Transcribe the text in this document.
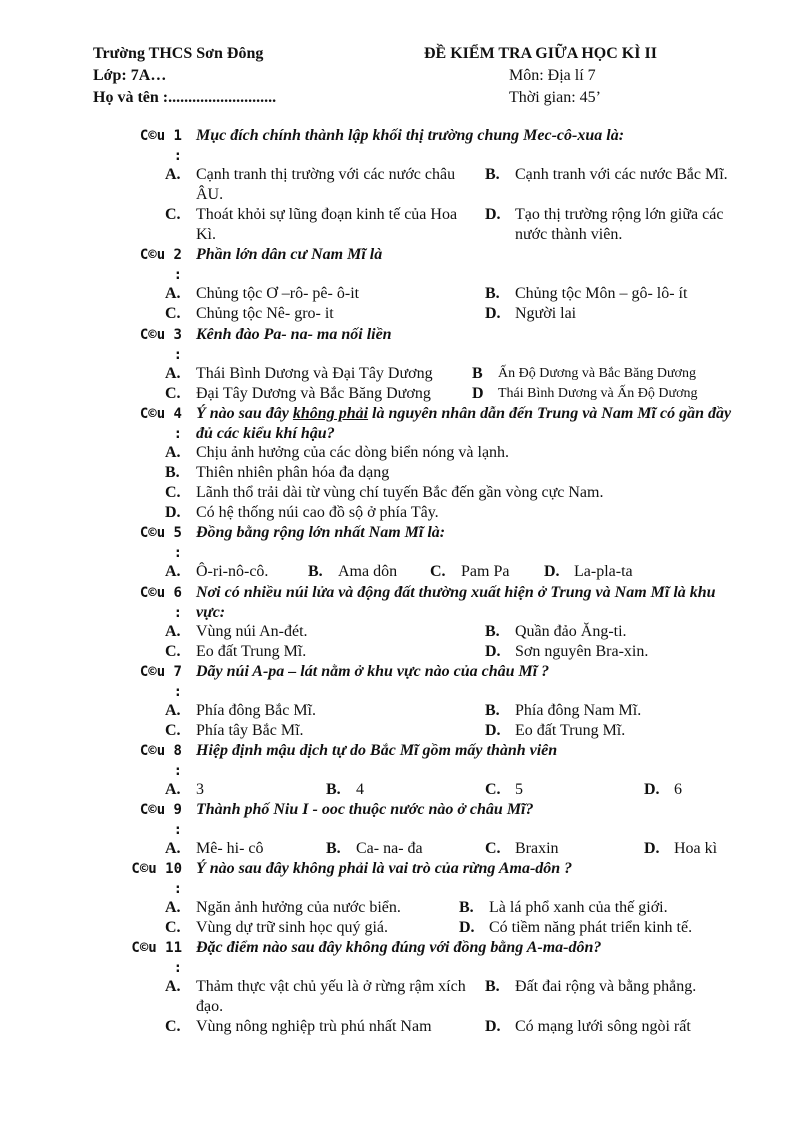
Trường THCS Sơn Đông
Lớp: 7A…
Họ và tên :...........................
ĐỀ KIỂM TRA GIỮA HỌC KÌ II
Môn: Địa lí 7
Thời gian: 45’
C©u 1
:
Mục đích chính thành lập khối thị trường chung Mec-cô-xua là:
A. Cạnh tranh thị trường với các nước châu ÂU.
B. Cạnh tranh với các nước Bắc Mĩ.
C. Thoát khỏi sự lũng đoạn kinh tế của Hoa Kì.
D. Tạo thị trường rộng lớn giữa các nước thành viên.
C©u 2
:
Phần lớn dân cư Nam Mĩ là
A. Chủng tộc Ơ –rô- pê- ô-it	B. Chủng tộc Môn – gô- lô- ít
C. Chủng tộc Nê- gro- it	D. Người lai
C©u 3
:
Kênh đào Pa- na- ma nối liền
A. Thái Bình Dương và Đại Tây Dương B Ấn Độ Dương và Bắc Băng Dương
C. Đại Tây Dương và Bắc Băng Dương	D Thái Bình Dương và Ấn Độ Dương
C©u 4
:
Ý nào sau đây không phải là nguyên nhân dẫn đến Trung và Nam Mĩ có gần đầy đủ các kiểu khí hậu?
A. Chịu ảnh hưởng của các dòng biển nóng và lạnh.
B. Thiên nhiên phân hóa đa dạng
C. Lãnh thổ trải dài từ vùng chí tuyến Bắc đến gần vòng cực Nam.
D. Có hệ thống núi cao đồ sộ ở phía Tây.
C©u 5
:
Đồng bằng rộng lớn nhất Nam Mĩ là:
A. Ô-ri-nô-cô. B. Ama dôn C. Pam Pa D. La-pla-ta
C©u 6
:
Nơi có nhiều núi lửa và động đất thường xuất hiện ở Trung và Nam Mĩ là khu vực:
A. Vùng núi An-đét.	B. Quần đảo Ăng-ti.
C. Eo đất Trung Mĩ.	D. Sơn nguyên Bra-xin.
C©u 7
:
Dãy núi A-pa – lát nằm ở khu vực nào của châu Mĩ ?
A. Phía đông Bắc Mĩ.	B. Phía đông Nam Mĩ.
C. Phía tây Bắc Mĩ.	D. Eo đất Trung Mĩ.
C©u 8
:
Hiệp định mậu dịch tự do Bắc Mĩ gồm mấy thành viên
A. 3	B. 4	C. 5	D. 6
C©u 9
:
Thành phố Niu I - ooc thuộc nước nào ở châu Mĩ?
A. Mê- hi- cô	B. Ca- na- đa	C. Braxin	D. Hoa kì
C©u 10
:
Ý nào sau đây không phải là vai trò của rừng Ama-dôn ?
A. Ngăn ảnh hưởng của nước biển.	B. Là lá phổ xanh của thế giới.
C. Vùng dự trữ sinh học quý giá.	D. Có tiềm năng phát triển kinh tế.
C©u 11
:
Đặc điểm nào sau đây không đúng với đồng bằng A-ma-dôn?
A. Thảm thực vật chủ yếu là ở rừng rậm xích đạo.
B. Đất đai rộng và bằng phẳng.
C. Vùng nông nghiệp trù phú nhất Nam	D. Có mạng lưới sông ngòi rất
